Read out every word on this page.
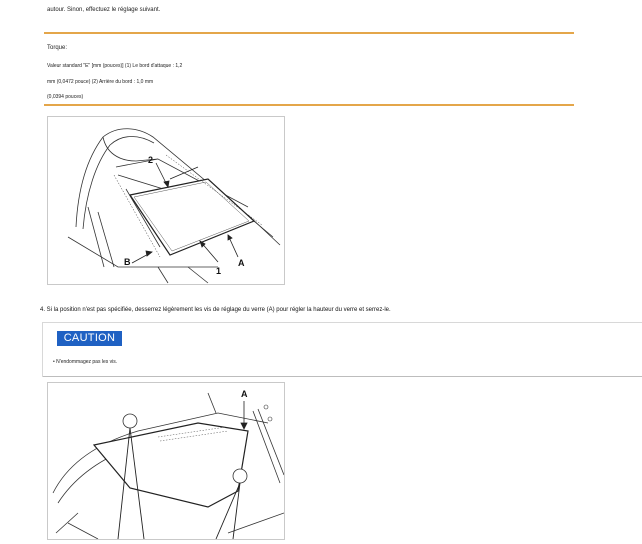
autour. Sinon, effectuez le réglage suivant.
Torque:
Valeur standard "E" [mm (pouces)] (1) Le bord d'attaque : 1,2
mm (0,0472 pouce) (2) Arrière du bord : 1,0 mm
(0,0394 pouces)
2
B
1
A
4. Si la position n'est pas spécifiée, desserrez légèrement les vis de réglage du verre (A) pour régler la hauteur du verre et serrez-le.
CAUTION
• N'endommagez pas les vis.
A
